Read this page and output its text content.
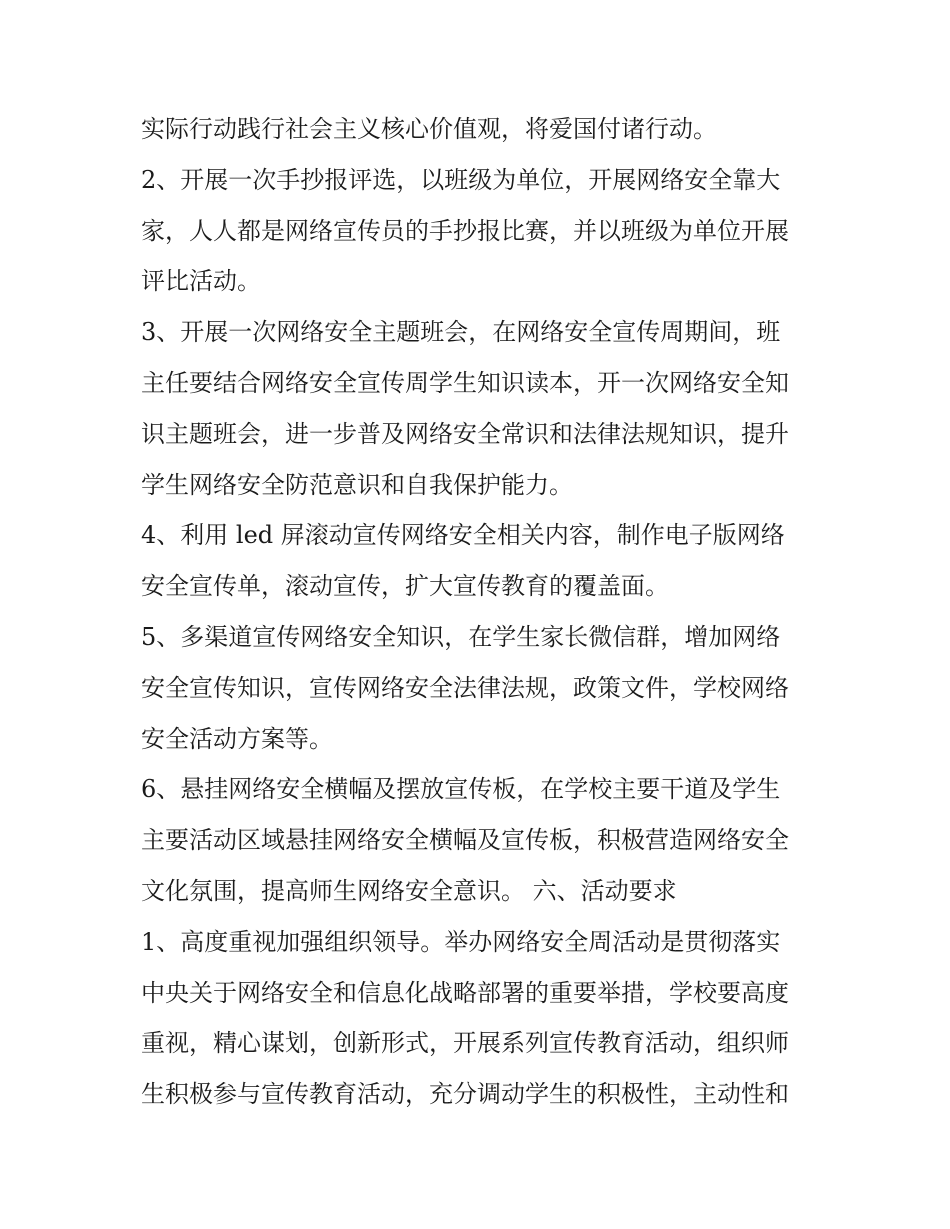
实际行动践行社会主义核心价值观，将爱国付诸行动。
2、开展一次手抄报评选，以班级为单位，开展网络安全靠大
家，人人都是网络宣传员的手抄报比赛，并以班级为单位开展
评比活动。
3、开展一次网络安全主题班会，在网络安全宣传周期间，班
主任要结合网络安全宣传周学生知识读本，开一次网络安全知
识主题班会，进一步普及网络安全常识和法律法规知识，提升
学生网络安全防范意识和自我保护能力。
4、利用 led 屏滚动宣传网络安全相关内容，制作电子版网络
安全宣传单，滚动宣传，扩大宣传教育的覆盖面。
5、多渠道宣传网络安全知识，在学生家长微信群，增加网络
安全宣传知识，宣传网络安全法律法规，政策文件，学校网络
安全活动方案等。
6、悬挂网络安全横幅及摆放宣传板，在学校主要干道及学生
主要活动区域悬挂网络安全横幅及宣传板，积极营造网络安全
文化氛围，提高师生网络安全意识。 六、活动要求
1、高度重视加强组织领导。举办网络安全周活动是贯彻落实
中央关于网络安全和信息化战略部署的重要举措，学校要高度
重视，精心谋划，创新形式，开展系列宣传教育活动，组织师
生积极参与宣传教育活动，充分调动学生的积极性，主动性和
